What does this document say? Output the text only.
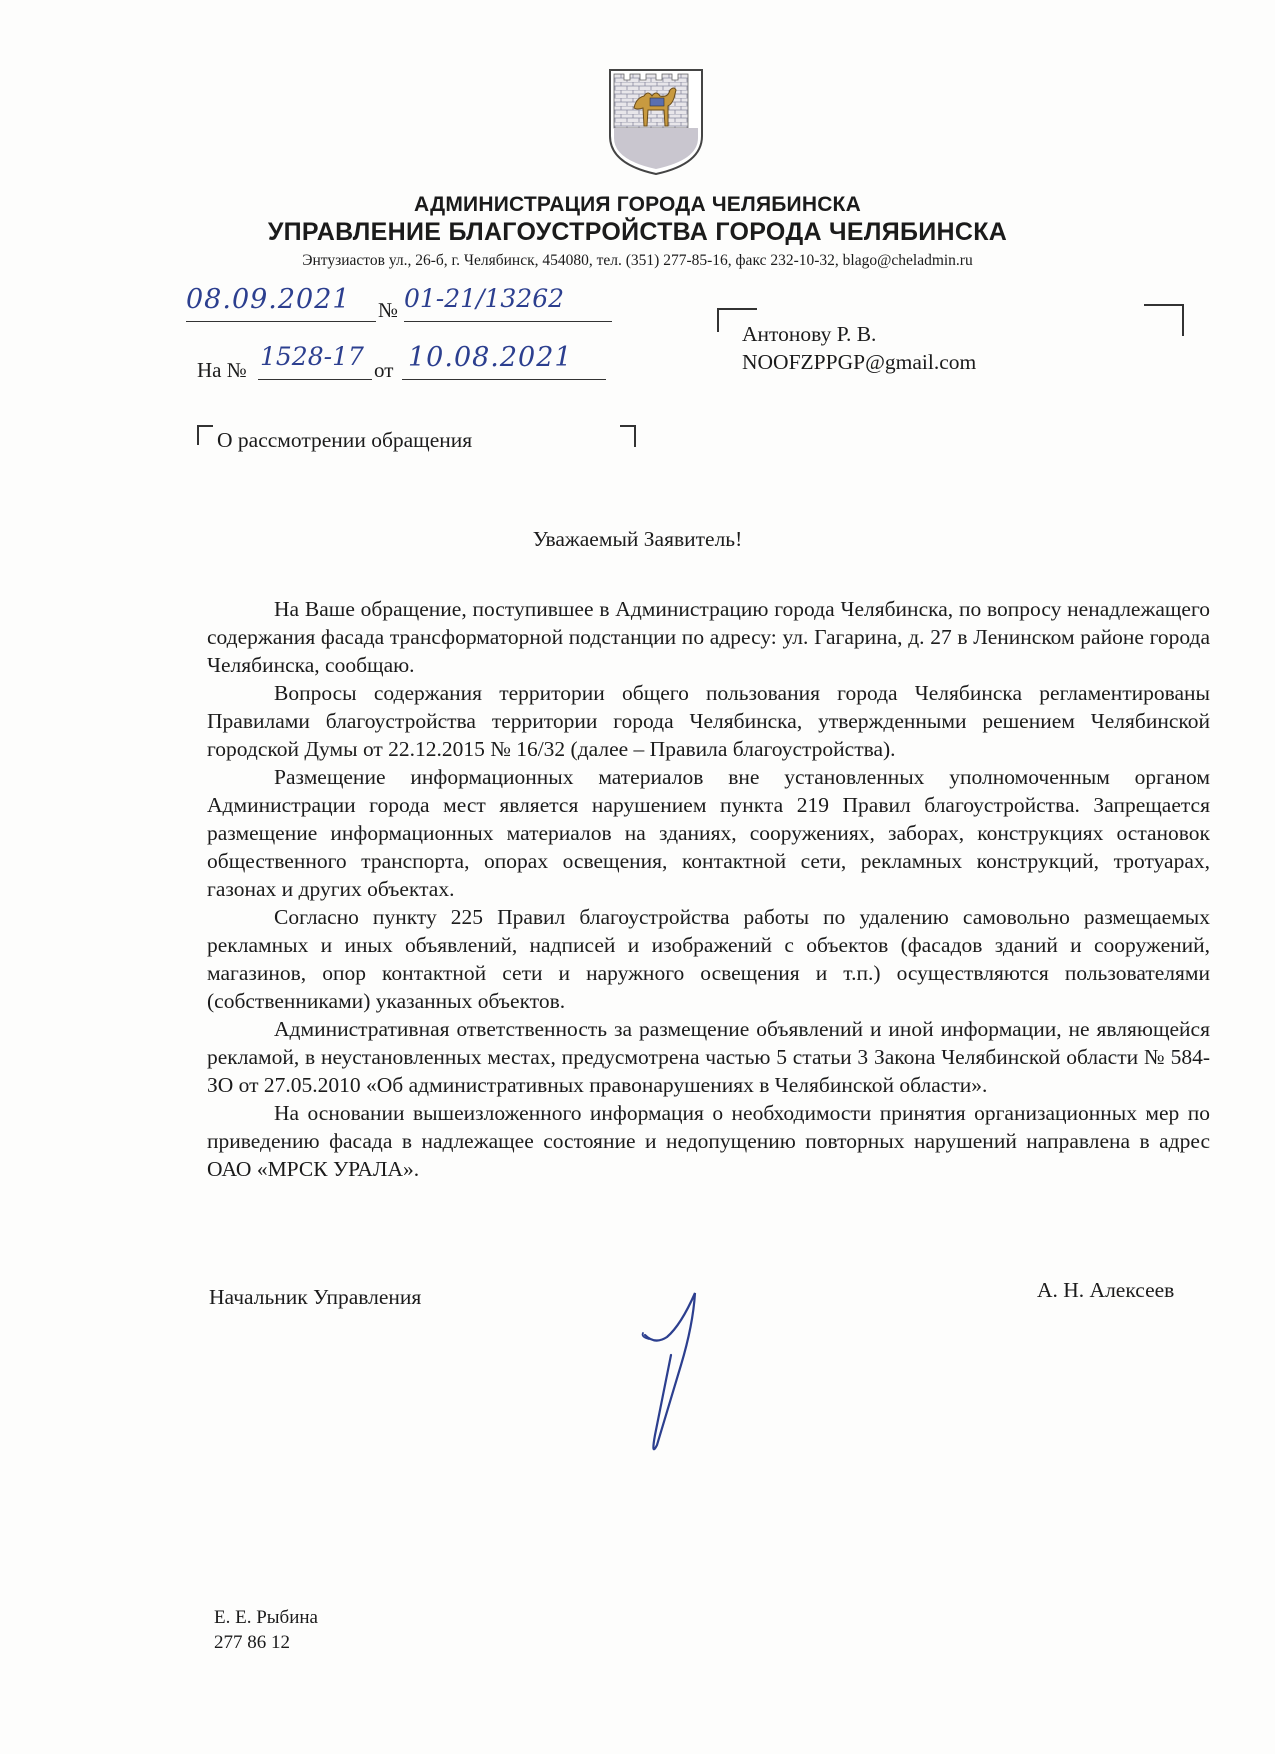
АДМИНИСТРАЦИЯ ГОРОДА ЧЕЛЯБИНСКА
УПРАВЛЕНИЕ БЛАГОУСТРОЙСТВА ГОРОДА ЧЕЛЯБИНСКА
Энтузиастов ул., 26-б, г. Челябинск, 454080, тел. (351) 277-85-16, факс 232-10-32, blago@cheladmin.ru
08.09.2021 № 01-21/13262
На № 1528-17 от 10.08.2021
Антонову Р. В.
NOOFZPPGP@gmail.com
О рассмотрении обращения
Уважаемый Заявитель!

На Ваше обращение, поступившее в Администрацию города Челябинска, по вопросу ненадлежащего содержания фасада трансформаторной подстанции по адресу: ул. Гагарина, д. 27 в Ленинском районе города Челябинска, сообщаю.

Вопросы содержания территории общего пользования города Челябинска регламентированы Правилами благоустройства территории города Челябинска, утвержденными решением Челябинской городской Думы от 22.12.2015 № 16/32 (далее – Правила благоустройства).

Размещение информационных материалов вне установленных уполномоченным органом Администрации города мест является нарушением пункта 219 Правил благоустройства. Запрещается размещение информационных материалов на зданиях, сооружениях, заборах, конструкциях остановок общественного транспорта, опорах освещения, контактной сети, рекламных конструкций, тротуарах, газонах и других объектах.

Согласно пункту 225 Правил благоустройства работы по удалению самовольно размещаемых рекламных и иных объявлений, надписей и изображений с объектов (фасадов зданий и сооружений, магазинов, опор контактной сети и наружного освещения и т.п.) осуществляются пользователями (собственниками) указанных объектов.

Административная ответственность за размещение объявлений и иной информации, не являющейся рекламой, в неустановленных местах, предусмотрена частью 5 статьи 3 Закона Челябинской области № 584-ЗО от 27.05.2010 «Об административных правонарушениях в Челябинской области».

На основании вышеизложенного информация о необходимости принятия организационных мер по приведению фасада в надлежащее состояние и недопущению повторных нарушений направлена в адрес ОАО «МРСК УРАЛА».

Начальник Управления	А. Н. Алексеев
Е. Е. Рыбина
277 86 12
